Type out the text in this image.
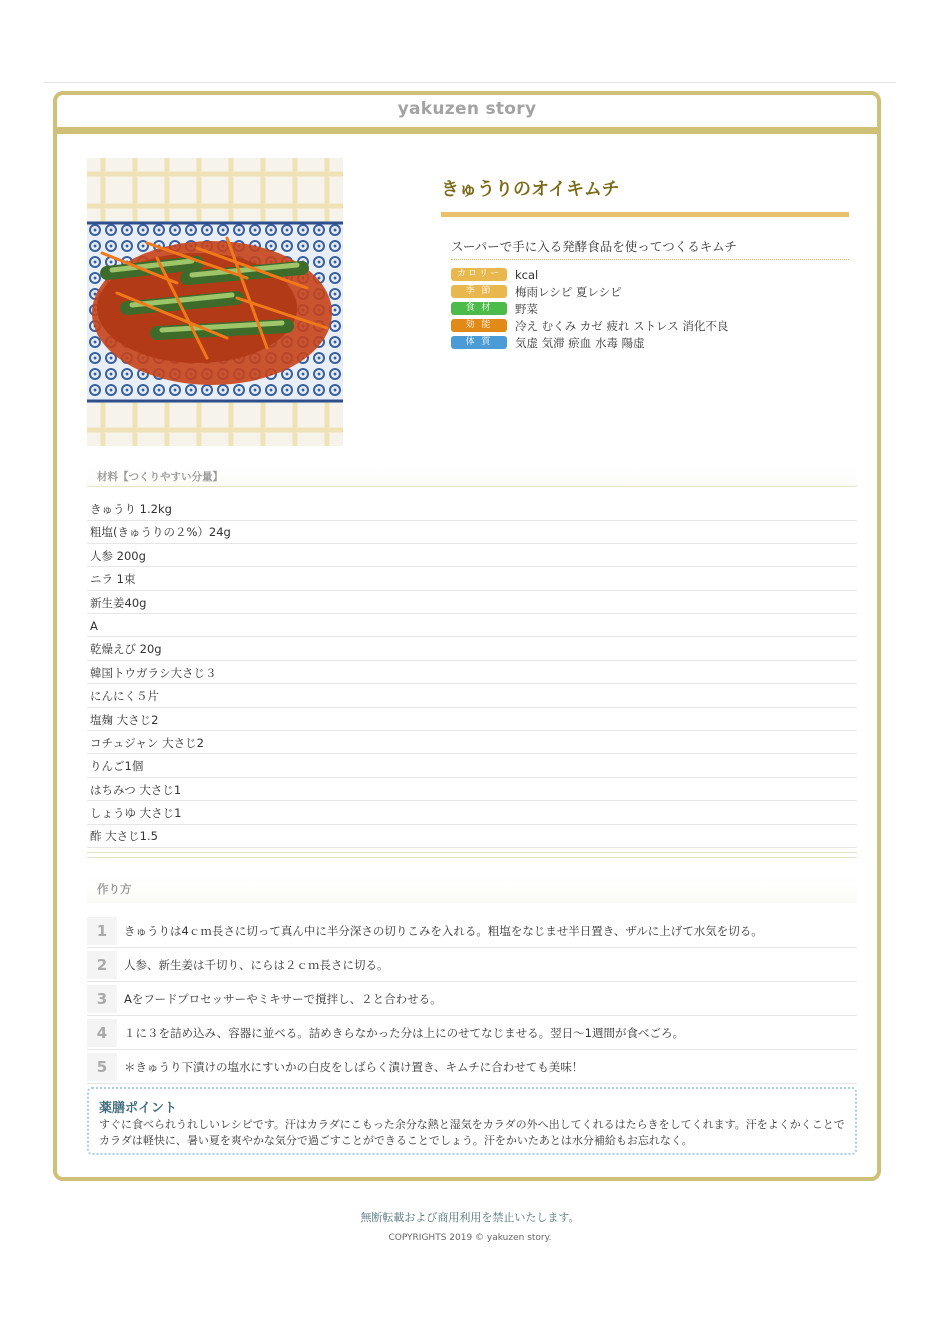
yakuzen story
きゅうりのオイキムチ
スーパーで手に入る発酵食品を使ってつくるキムチ
カロリー	kcal
季 節	梅雨レシピ 夏レシピ
食 材	野菜
効 能	冷え むくみ カゼ 疲れ ストレス 消化不良
体 質	気虚 気滞 瘀血 水毒 陽虚
材料【つくりやすい分量】
きゅうり 1.2kg
粗塩(きゅうりの２%）24g
人参 200g
ニラ 1束
新生姜40g
A
乾燥えび 20g
韓国トウガラシ大さじ３
にんにく５片
塩麹 大さじ2
コチュジャン 大さじ2
りんご1個
はちみつ 大さじ1
しょうゆ 大さじ1
酢 大さじ1.5
作り方
1	きゅうりは4ｃｍ長さに切って真ん中に半分深さの切りこみを入れる。粗塩をなじませ半日置き、ザルに上げて水気を切る。
2	人参、新生姜は千切り、にらは２ｃｍ長さに切る。
3	Aをフードプロセッサーやミキサーで撹拌し、２と合わせる。
4	１に３を詰め込み、容器に並べる。詰めきらなかった分は上にのせてなじませる。翌日～1週間が食べごろ。
5	＊きゅうり下漬けの塩水にすいかの白皮をしばらく漬け置き、キムチに合わせても美味！
薬膳ポイント
すぐに食べられうれしいレシピです。汗はカラダにこもった余分な熱と湿気をカラダの外へ出してくれるはたらきをしてくれます。汗をよくかくことでカラダは軽快に、暑い夏を爽やかな気分で過ごすことができることでしょう。汗をかいたあとは水分補給もお忘れなく。
無断転載および商用利用を禁止いたします。
COPYRIGHTS 2019 © yakuzen story.
